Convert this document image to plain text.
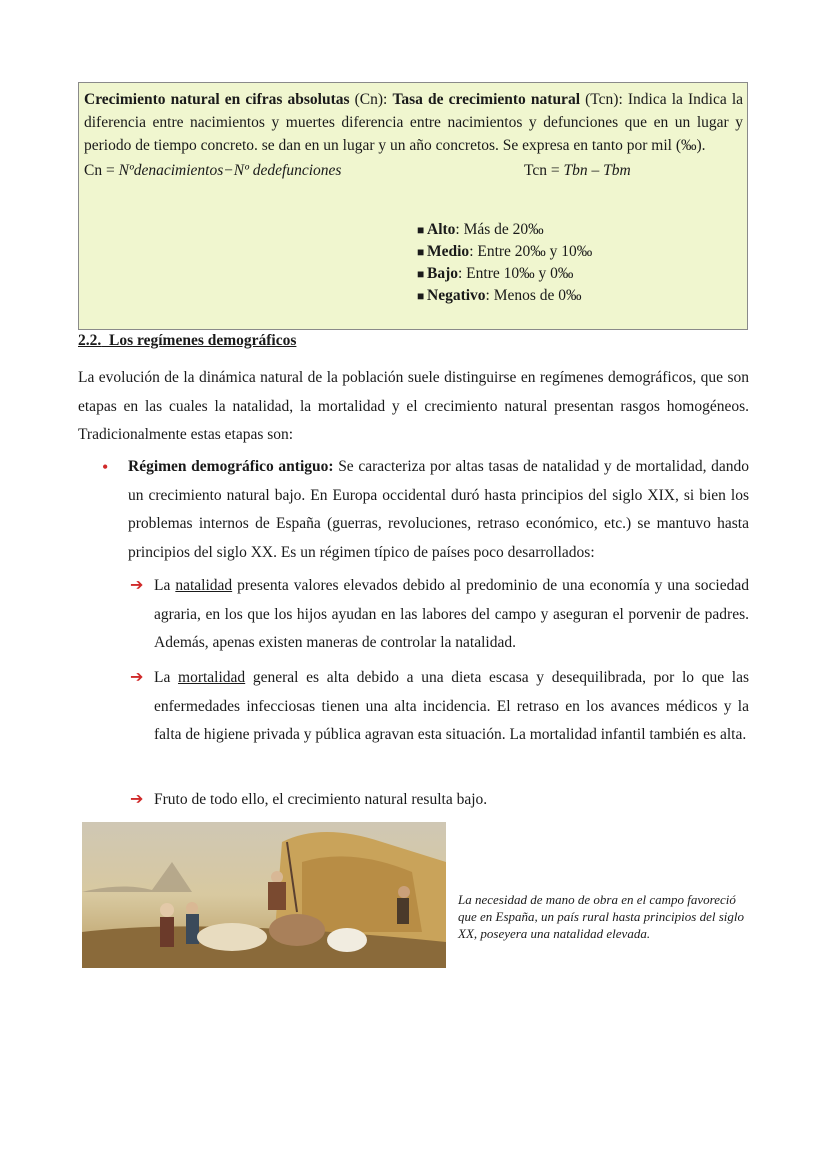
Crecimiento natural en cifras absolutas (Cn): Tasa de crecimiento natural (Tcn): Indica la Indica la diferencia entre nacimientos y muertes diferencia entre nacimientos y defunciones que en un lugar y periodo de tiempo concreto. se dan en un lugar y un año concretos. Se expresa en tanto por mil (‰).

Cn = Nºdenacimientos−Nº dedefunciones	Tcn = Tbn – Tbm
■ Alto: Más de 20‰
■ Medio: Entre 20‰ y 10‰
■ Bajo: Entre 10‰ y 0‰
■ Negativo: Menos de 0‰
2.2. Los regímenes demográficos

La evolución de la dinámica natural de la población suele distinguirse en regímenes demográficos, que son etapas en las cuales la natalidad, la mortalidad y el crecimiento natural presentan rasgos homogéneos. Tradicionalmente estas etapas son:

• Régimen demográfico antiguo: Se caracteriza por altas tasas de natalidad y de mortalidad, dando un crecimiento natural bajo. En Europa occidental duró hasta principios del siglo XIX, si bien los problemas internos de España (guerras, revoluciones, retraso económico, etc.) se mantuvo hasta principios del siglo XX. Es un régimen típico de países poco desarrollados:
➔ La natalidad presenta valores elevados debido al predominio de una economía y una sociedad agraria, en los que los hijos ayudan en las labores del campo y aseguran el porvenir de padres. Además, apenas existen maneras de controlar la natalidad.
➔ La mortalidad general es alta debido a una dieta escasa y desequilibrada, por lo que las enfermedades infecciosas tienen una alta incidencia. El retraso en los avances médicos y la falta de higiene privada y pública agravan esta situación. La mortalidad infantil también es alta.
➔ Fruto de todo ello, el crecimiento natural resulta bajo.
La necesidad de mano de obra en el campo favoreció que en España, un país rural hasta principios del siglo XX, poseyera una natalidad elevada.
